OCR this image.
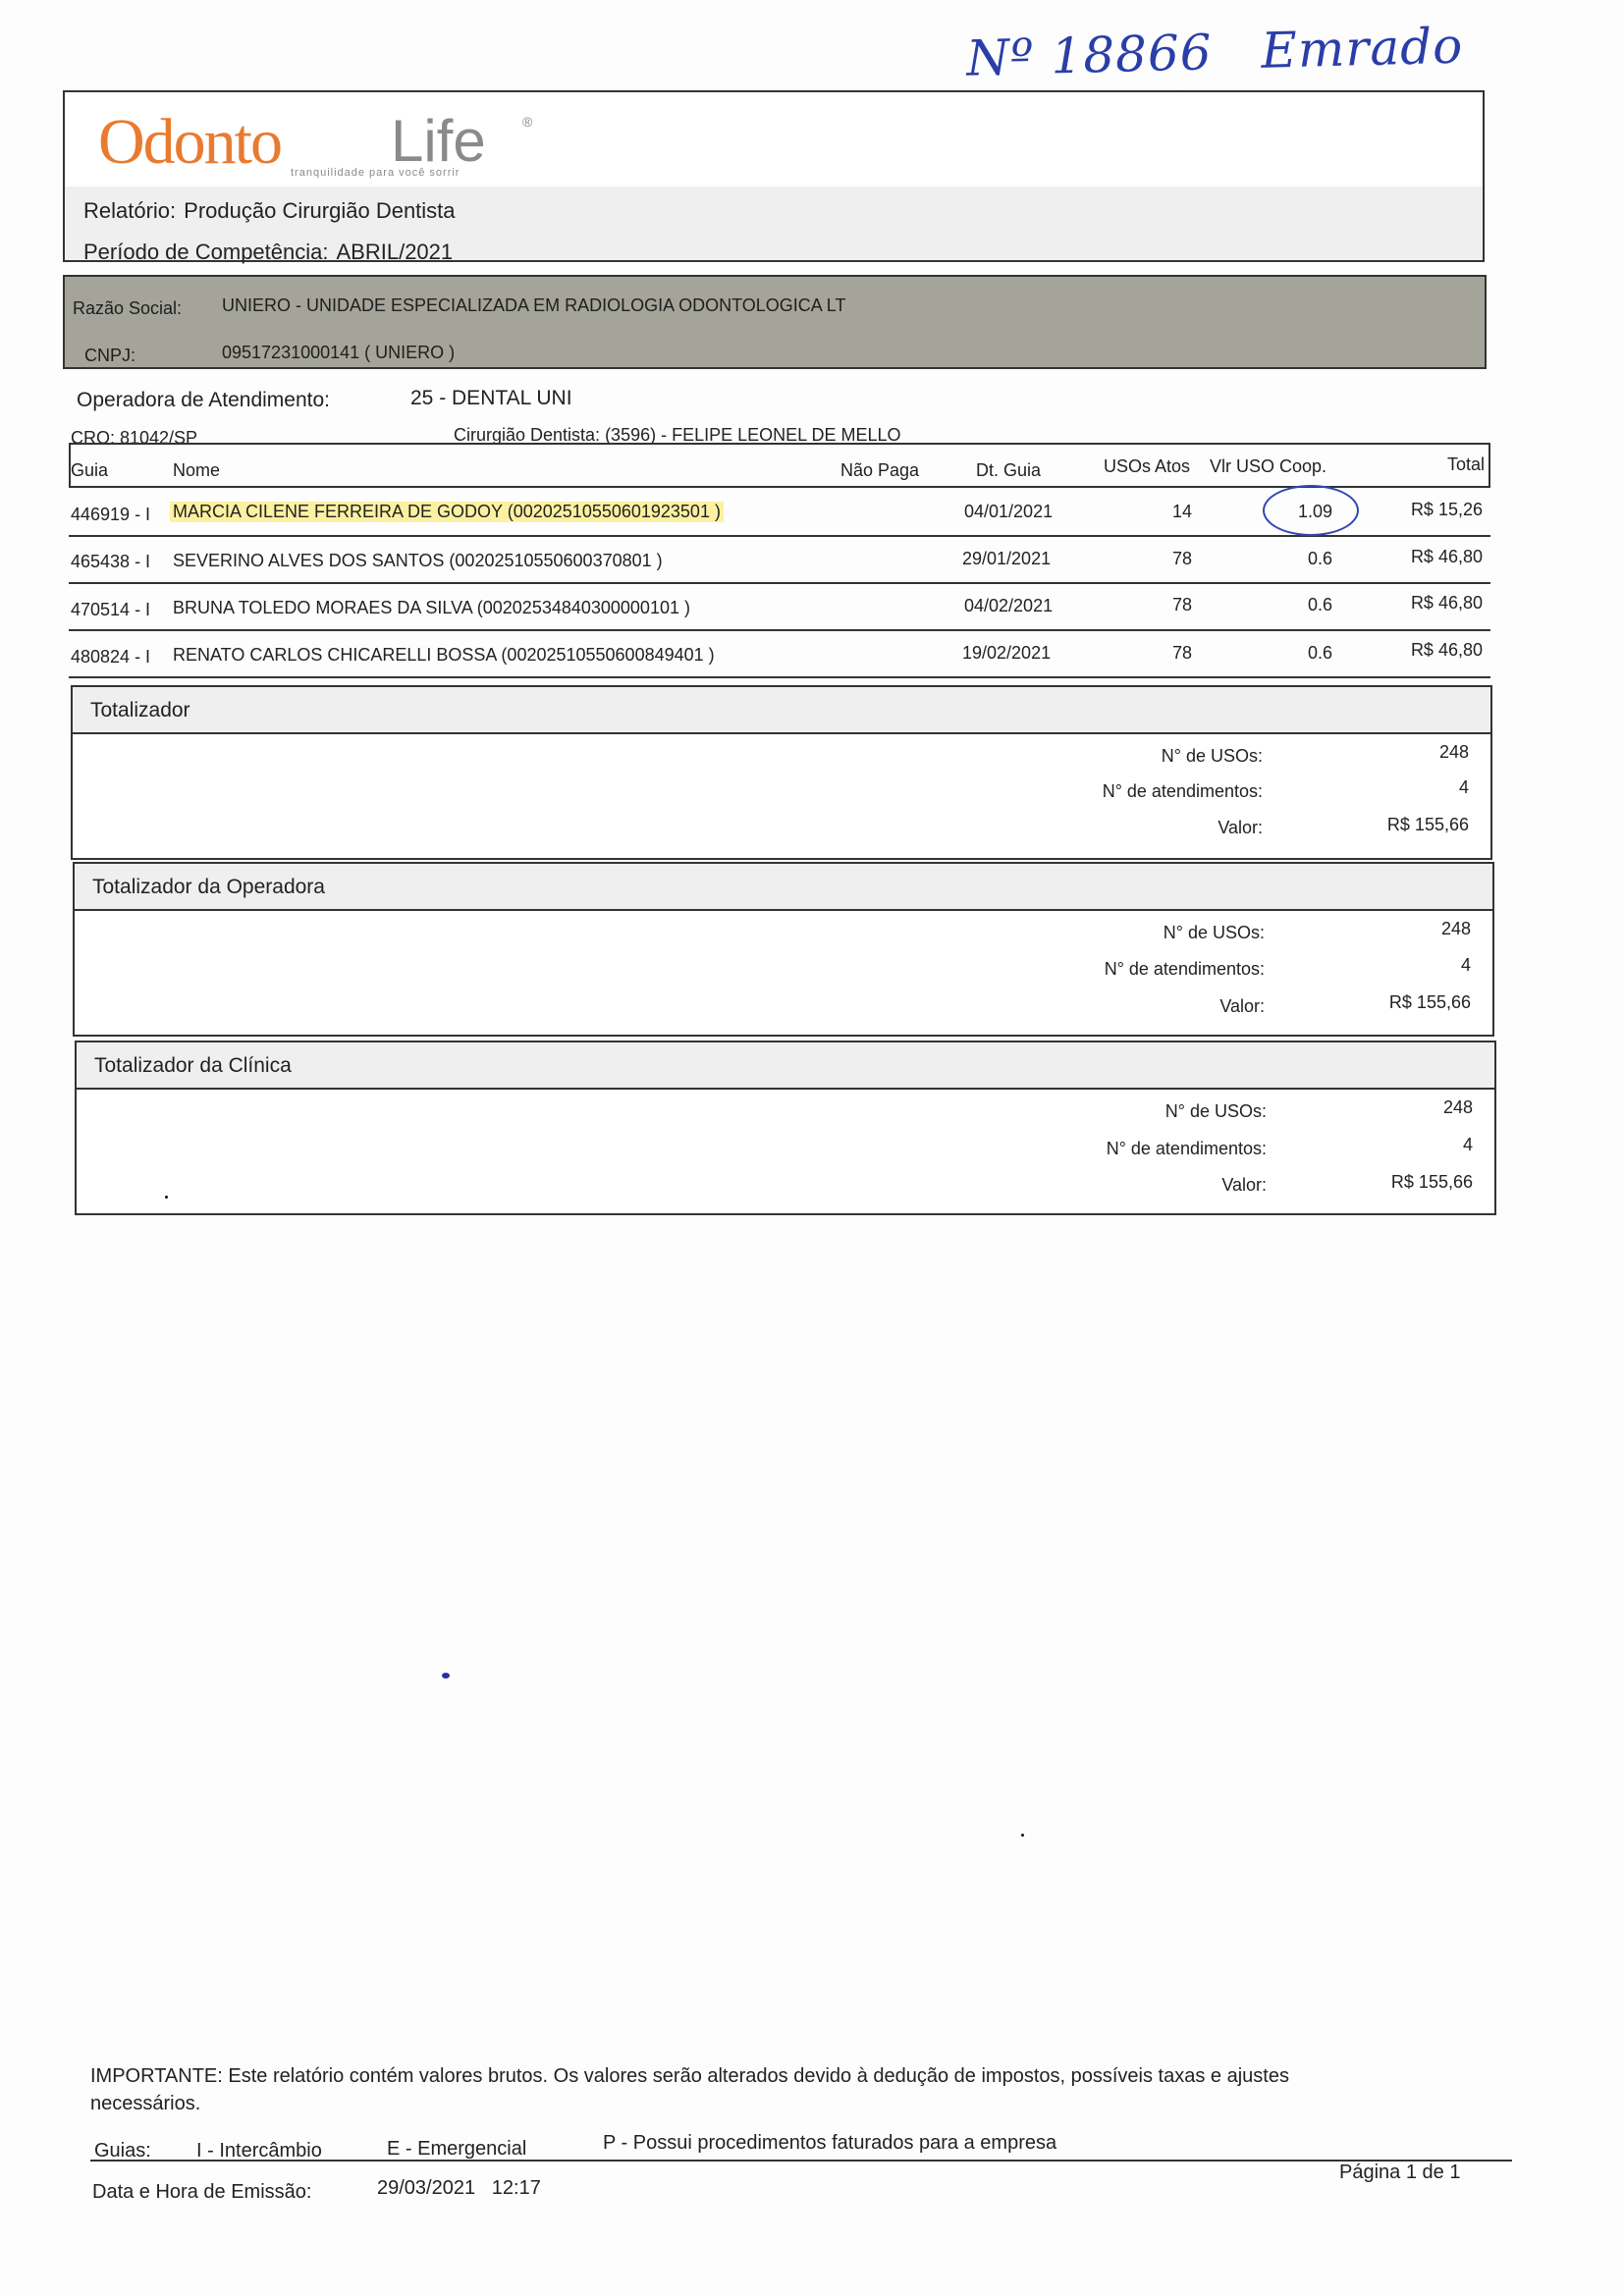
Nº 18866 Emrado
Odonto Life	®
tranquilidade para você sorrir
Relatório: Produção Cirurgião Dentista
Período de Competência: ABRIL/2021
Razão Social: UNIERO - UNIDADE ESPECIALIZADA EM RADIOLOGIA ODONTOLOGICA LT
CNPJ:	09517231000141 ( UNIERO )
Operadora de Atendimento:	25 - DENTAL UNI
CRO: 81042/SP	Cirurgião Dentista: (3596) - FELIPE LEONEL DE MELLO
Guia	Nome	Não Paga	Dt. Guia	USOs Atos Vlr USO Coop.	Total
446919 - I MARCIA CILENE FERREIRA DE GODOY (00202510550601923501 )	04/01/2021	14	1.09	R$ 15,26
465438 - I SEVERINO ALVES DOS SANTOS (00202510550600370801 )	29/01/2021	78	0.6	R$ 46,80
470514 - I BRUNA TOLEDO MORAES DA SILVA (00202534840300000101 )	04/02/2021	78	0.6	R$ 46,80
480824 - I RENATO CARLOS CHICARELLI BOSSA (00202510550600849401 )	19/02/2021	78	0.6	R$ 46,80
Totalizador
N° de USOs:	248
N° de atendimentos:	4
Valor:	R$ 155,66
Totalizador da Operadora
N° de USOs:	248
N° de atendimentos:	4
Valor:	R$ 155,66
Totalizador da Clínica
N° de USOs:	248
N° de atendimentos:	4
Valor:	R$ 155,66
IMPORTANTE: Este relatório contém valores brutos. Os valores serão alterados devido à dedução de impostos, possíveis taxas e ajustes
necessários.
Guias: I - Intercâmbio	E - Emergencial	P - Possui procedimentos faturados para a empresa
Data e Hora de Emissão:	29/03/2021   12:17
Página 1 de 1
